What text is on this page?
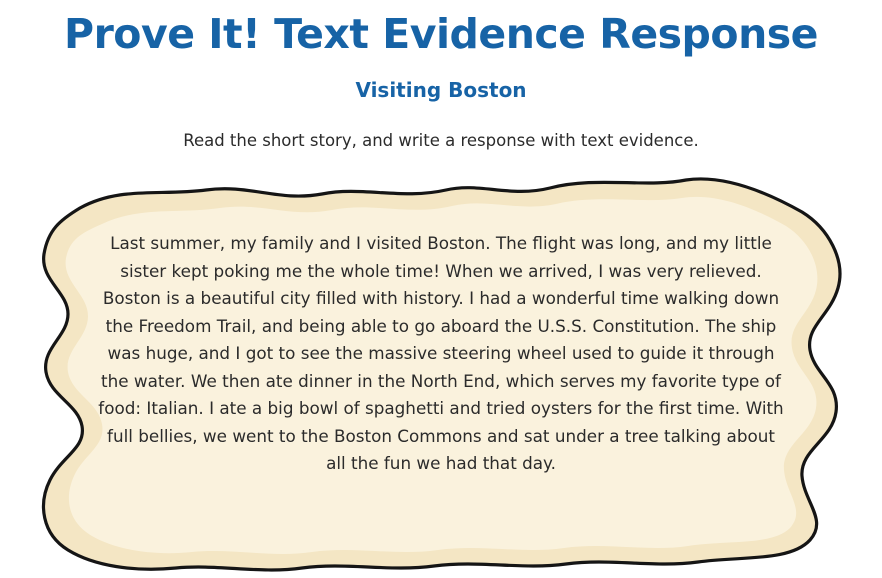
Prove It! Text Evidence Response
Visiting Boston
Read the short story, and write a response with text evidence.
Last summer, my family and I visited Boston. The flight was long, and my little sister kept poking me the whole time! When we arrived, I was very relieved. Boston is a beautiful city filled with history. I had a wonderful time walking down the Freedom Trail, and being able to go aboard the U.S.S. Constitution. The ship was huge, and I got to see the massive steering wheel used to guide it through the water. We then ate dinner in the North End, which serves my favorite type of food: Italian. I ate a big bowl of spaghetti and tried oysters for the first time. With full bellies, we went to the Boston Commons and sat under a tree talking about all the fun we had that day.
